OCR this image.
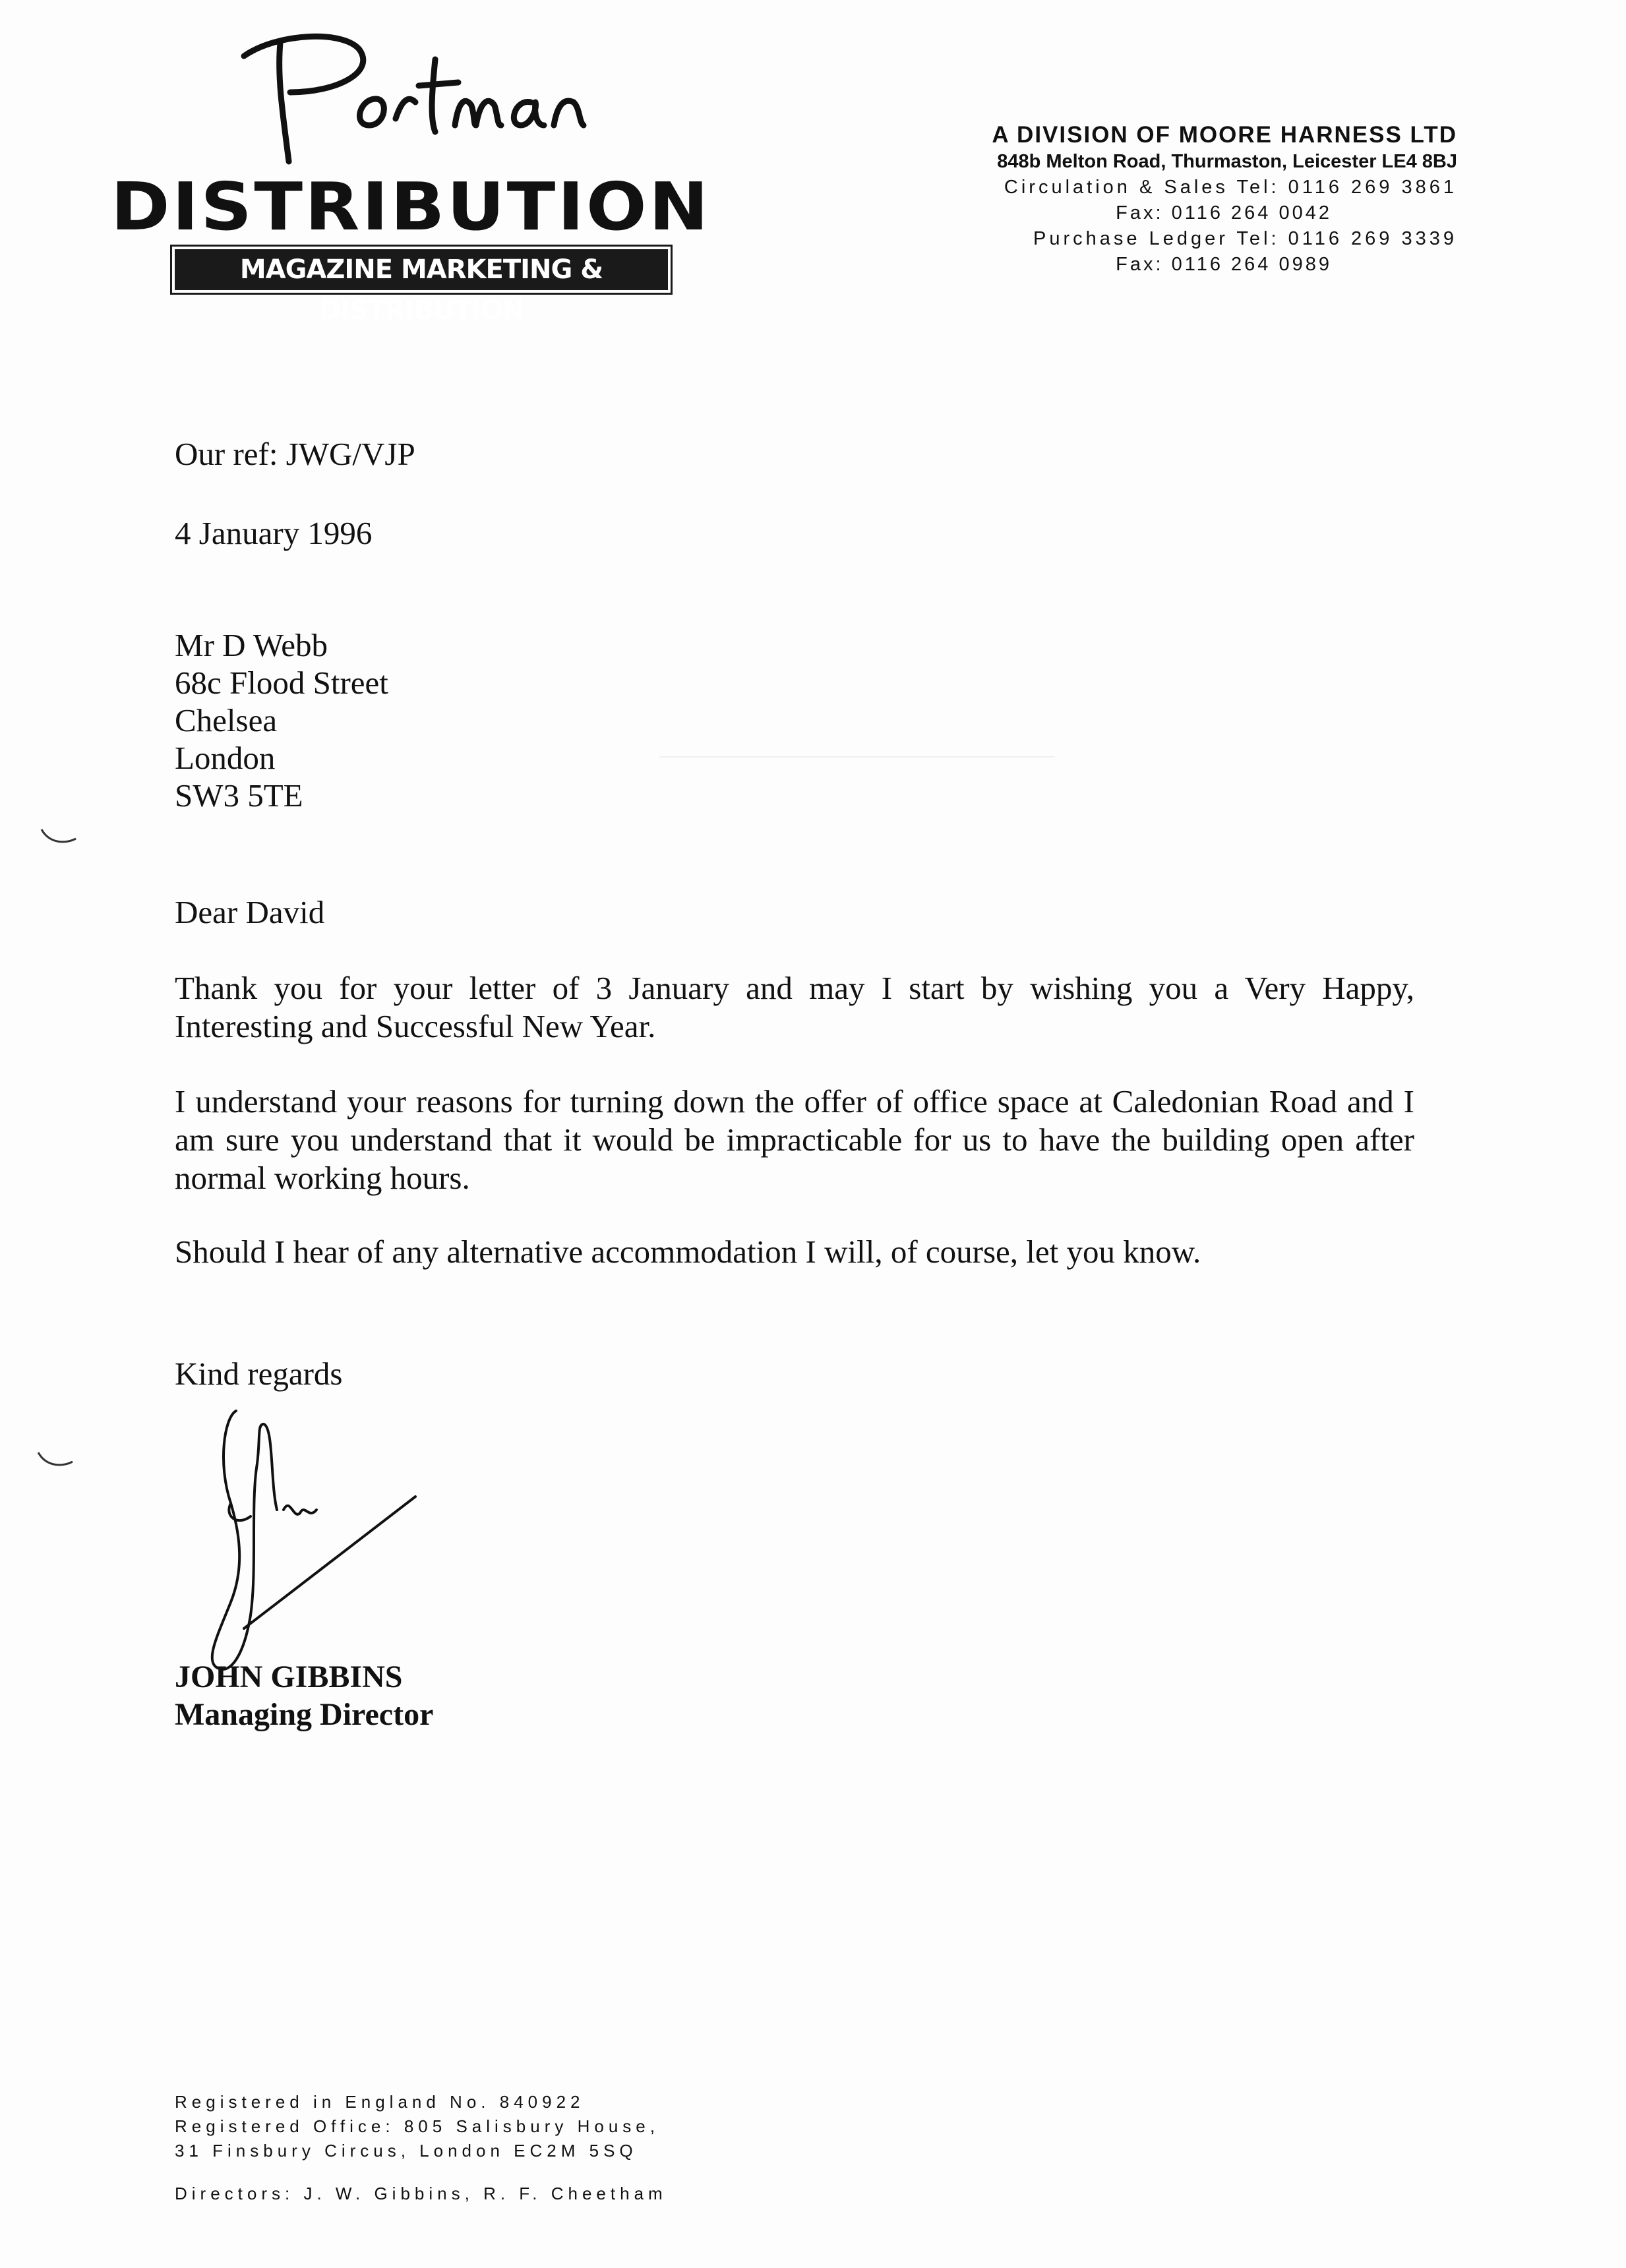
DISTRIBUTION
MAGAZINE MARKETING & DISTRIBUTION
A DIVISION OF MOORE HARNESS LTD
848b Melton Road, Thurmaston, Leicester LE4 8BJ
Circulation & Sales Tel: 0116 269 3861
Fax: 0116 264 0042
Purchase Ledger Tel: 0116 269 3339
Fax: 0116 264 0989
Our ref: JWG/VJP
4 January 1996
Mr D Webb
68c Flood Street
Chelsea
London
SW3 5TE
Dear David
Thank you for your letter of 3 January and may I start by wishing you a Very Happy, Interesting and Successful New Year.
I understand your reasons for turning down the offer of office space at Caledonian Road and I am sure you understand that it would be impracticable for us to have the building open after normal working hours.
Should I hear of any alternative accommodation I will, of course, let you know.
Kind regards
JOHN GIBBINS
Managing Director
Registered in England No. 840922
Registered Office: 805 Salisbury House,
31 Finsbury Circus, London EC2M 5SQ
Directors: J. W. Gibbins, R. F. Cheetham
